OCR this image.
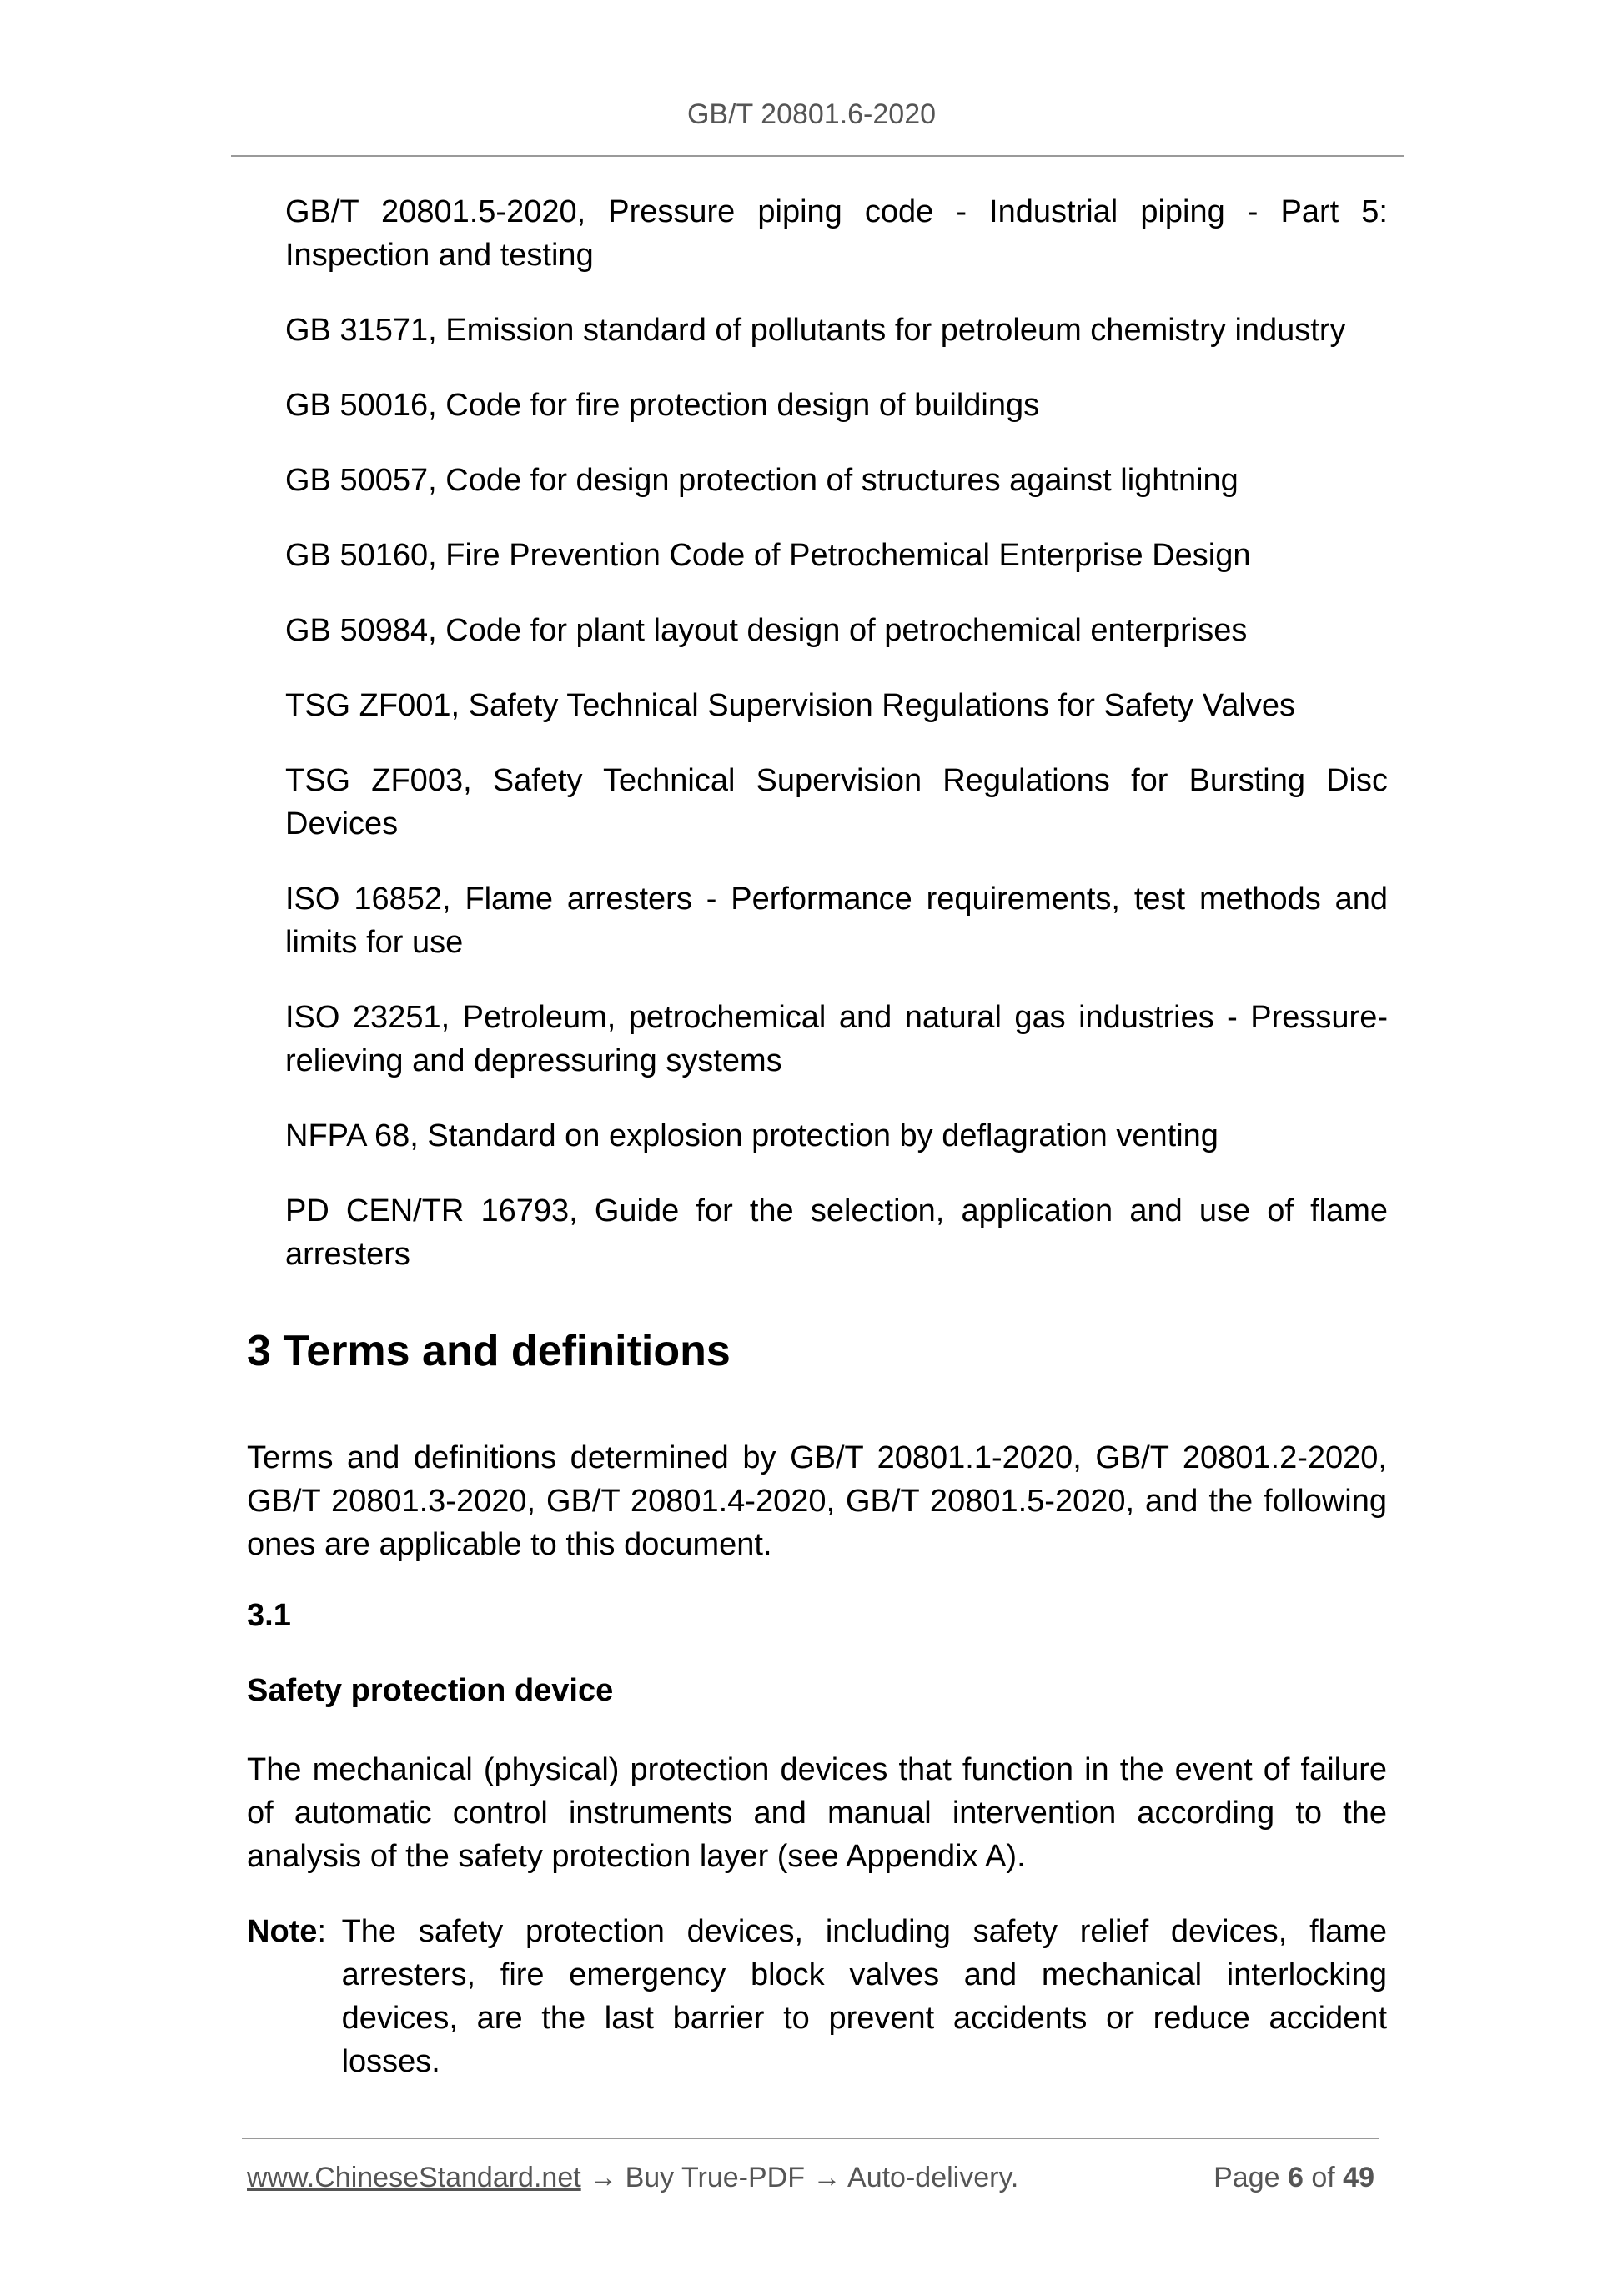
GB/T 20801.6-2020

GB/T 20801.5-2020, Pressure piping code - Industrial piping - Part 5: Inspection and testing

GB 31571, Emission standard of pollutants for petroleum chemistry industry

GB 50016, Code for fire protection design of buildings

GB 50057, Code for design protection of structures against lightning

GB 50160, Fire Prevention Code of Petrochemical Enterprise Design

GB 50984, Code for plant layout design of petrochemical enterprises

TSG ZF001, Safety Technical Supervision Regulations for Safety Valves

TSG ZF003, Safety Technical Supervision Regulations for Bursting Disc Devices

ISO 16852, Flame arresters - Performance requirements, test methods and limits for use

ISO 23251, Petroleum, petrochemical and natural gas industries - Pressure-relieving and depressuring systems

NFPA 68, Standard on explosion protection by deflagration venting

PD CEN/TR 16793, Guide for the selection, application and use of flame arresters

3 Terms and definitions
Terms and definitions determined by GB/T 20801.1-2020, GB/T 20801.2-2020, GB/T 20801.3-2020, GB/T 20801.4-2020, GB/T 20801.5-2020, and the following ones are applicable to this document.
3.1
Safety protection device
The mechanical (physical) protection devices that function in the event of failure of automatic control instruments and manual intervention according to the analysis of the safety protection layer (see Appendix A).
Note : The safety protection devices, including safety relief devices, flame arresters, fire emergency block valves and mechanical interlocking devices, are the last barrier to prevent accidents or reduce accident losses.
www.ChineseStandard.net → Buy True-PDF → Auto-delivery.	Page 6 of 49
